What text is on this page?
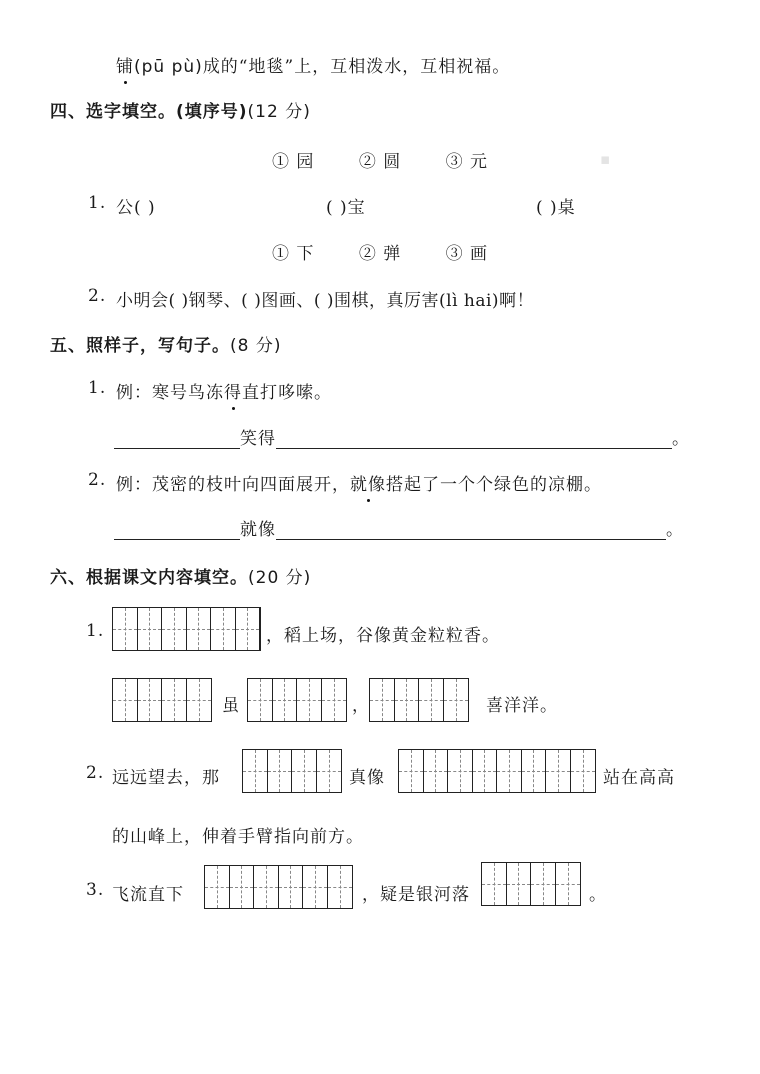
▪
铺(pū pù)成的“地毯”上，互相泼水，互相祝福。
四、选字填空。(填序号)(12 分)
① 园	② 圆	③ 元
1. 公( )	( )宝	( )桌
① 下	② 弹	③ 画
2. 小明会( )钢琴、( )图画、( )围棋，真厉害(lì hai)啊！
五、照样子，写句子。(8 分)
1. 例：寒号鸟冻得直打哆嗦。
笑得	。
2. 例：茂密的枝叶向四面展开，就像搭起了一个个绿色的凉棚。
就像	。
六、根据课文内容填空。(20 分)
1.	，稻上场，谷像黄金粒粒香。
虽	，	喜洋洋。
2. 远远望去，那	真像	站在高高
的山峰上，伸着手臂指向前方。
3. 飞流直下	，疑是银河落	。
